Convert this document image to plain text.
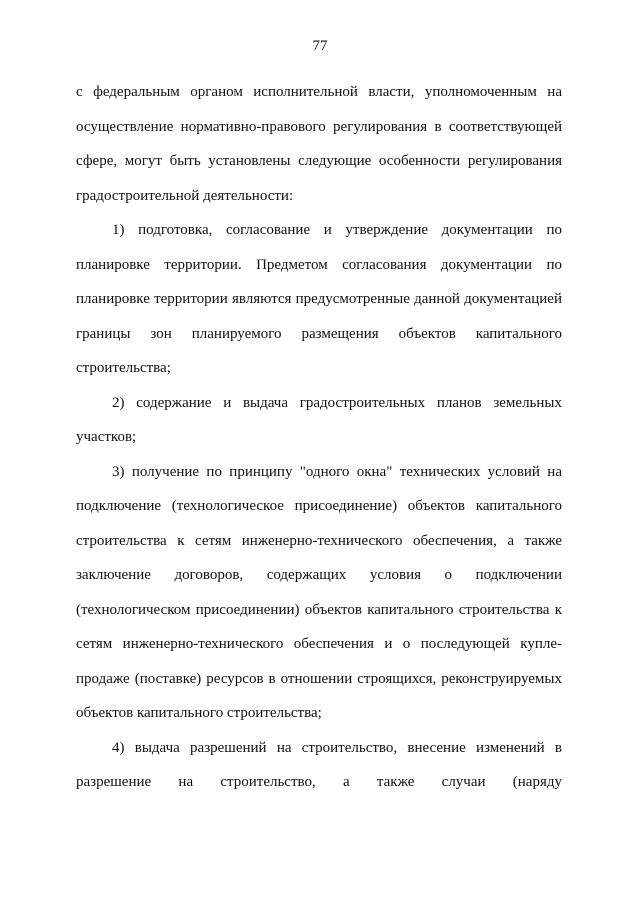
77

с федеральным органом исполнительной власти, уполномоченным на осуществление нормативно-правового регулирования в соответствующей сфере, могут быть установлены следующие особенности регулирования градостроительной деятельности:

1) подготовка, согласование и утверждение документации по планировке территории. Предметом согласования документации по планировке территории являются предусмотренные данной документацией границы зон планируемого размещения объектов капитального строительства;

2) содержание и выдача градостроительных планов земельных участков;

3) получение по принципу "одного окна" технических условий на подключение (технологическое присоединение) объектов капитального строительства к сетям инженерно-технического обеспечения, а также заключение договоров, содержащих условия о подключении (технологическом присоединении) объектов капитального строительства к сетям инженерно-технического обеспечения и о последующей купле-продаже (поставке) ресурсов в отношении строящихся, реконструируемых объектов капитального строительства;

4) выдача разрешений на строительство, внесение изменений в разрешение на строительство, а также случаи (наряду
